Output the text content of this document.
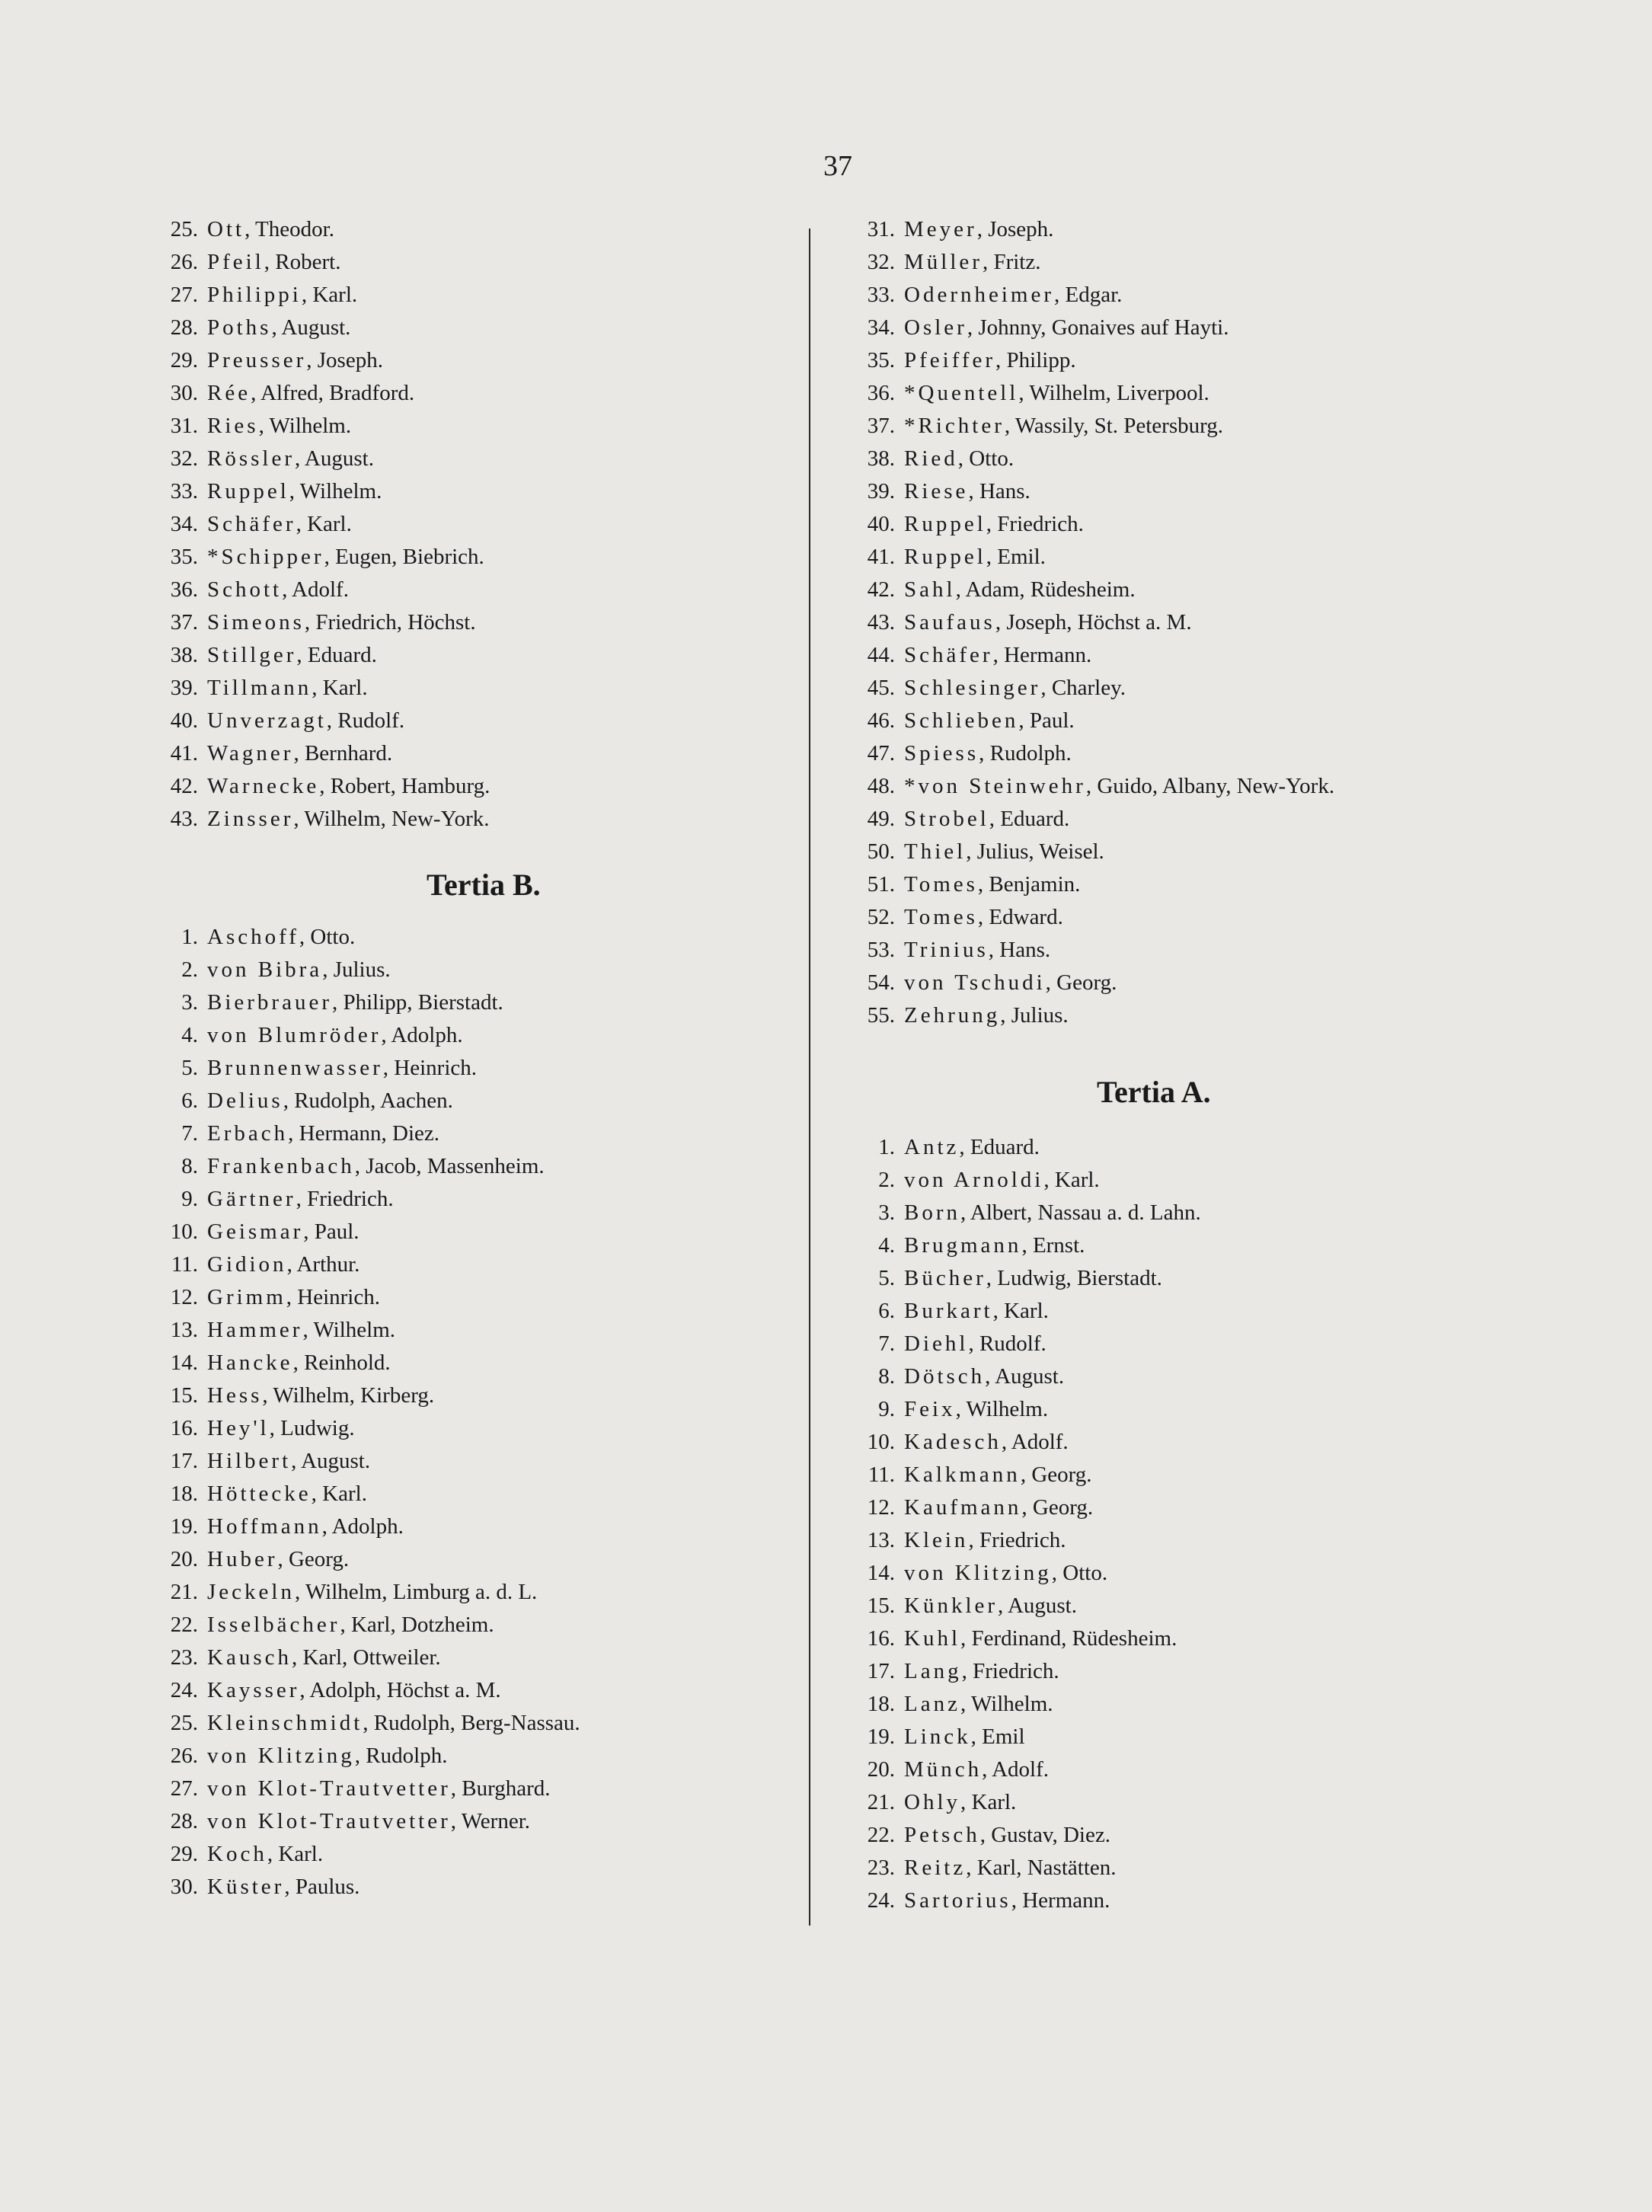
37
25. Ott, Theodor.
26. Pfeil, Robert.
27. Philippi, Karl.
28. Poths, August.
29. Preusser, Joseph.
30. Rée, Alfred, Bradford.
31. Ries, Wilhelm.
32. Rössler, August.
33. Ruppel, Wilhelm.
34. Schäfer, Karl.
35. *Schipper, Eugen, Biebrich.
36. Schott, Adolf.
37. Simeons, Friedrich, Höchst.
38. Stillger, Eduard.
39. Tillmann, Karl.
40. Unverzagt, Rudolf.
41. Wagner, Bernhard.
42. Warnecke, Robert, Hamburg.
43. Zinsser, Wilhelm, New-York.
Tertia B.
1. Aschoff, Otto.
2. von Bibra, Julius.
3. Bierbrauer, Philipp, Bierstadt.
4. von Blumröder, Adolph.
5. Brunnenwasser, Heinrich.
6. Delius, Rudolph, Aachen.
7. Erbach, Hermann, Diez.
8. Frankenbach, Jacob, Massenheim.
9. Gärtner, Friedrich.
10. Geismar, Paul.
11. Gidion, Arthur.
12. Grimm, Heinrich.
13. Hammer, Wilhelm.
14. Hancke, Reinhold.
15. Hess, Wilhelm, Kirberg.
16. Hey'l, Ludwig.
17. Hilbert, August.
18. Höttecke, Karl.
19. Hoffmann, Adolph.
20. Huber, Georg.
21. Jeckeln, Wilhelm, Limburg a. d. L.
22. Isselbächer, Karl, Dotzheim.
23. Kausch, Karl, Ottweiler.
24. Kaysser, Adolph, Höchst a. M.
25. Kleinschmidt, Rudolph, Berg-Nassau.
26. von Klitzing, Rudolph.
27. von Klot-Trautvetter, Burghard.
28. von Klot-Trautvetter, Werner.
29. Koch, Karl.
30. Küster, Paulus.
31. Meyer, Joseph.
32. Müller, Fritz.
33. Odernheimer, Edgar.
34. Osler, Johnny, Gonaives auf Hayti.
35. Pfeiffer, Philipp.
36. *Quentell, Wilhelm, Liverpool.
37. *Richter, Wassily, St. Petersburg.
38. Ried, Otto.
39. Riese, Hans.
40. Ruppel, Friedrich.
41. Ruppel, Emil.
42. Sahl, Adam, Rüdesheim.
43. Saufaus, Joseph, Höchst a. M.
44. Schäfer, Hermann.
45. Schlesinger, Charley.
46. Schlieben, Paul.
47. Spiess, Rudolph.
48. *von Steinwehr, Guido, Albany, New-York.
49. Strobel, Eduard.
50. Thiel, Julius, Weisel.
51. Tomes, Benjamin.
52. Tomes, Edward.
53. Trinius, Hans.
54. von Tschudi, Georg.
55. Zehrung, Julius.
Tertia A.
1. Antz, Eduard.
2. von Arnoldi, Karl.
3. Born, Albert, Nassau a. d. Lahn.
4. Brugmann, Ernst.
5. Bücher, Ludwig, Bierstadt.
6. Burkart, Karl.
7. Diehl, Rudolf.
8. Dötsch, August.
9. Feix, Wilhelm.
10. Kadesch, Adolf.
11. Kalkmann, Georg.
12. Kaufmann, Georg.
13. Klein, Friedrich.
14. von Klitzing, Otto.
15. Künkler, August.
16. Kuhl, Ferdinand, Rüdesheim.
17. Lang, Friedrich.
18. Lanz, Wilhelm.
19. Linck, Emil
20. Münch, Adolf.
21. Ohly, Karl.
22. Petsch, Gustav, Diez.
23. Reitz, Karl, Nastätten.
24. Sartorius, Hermann.
